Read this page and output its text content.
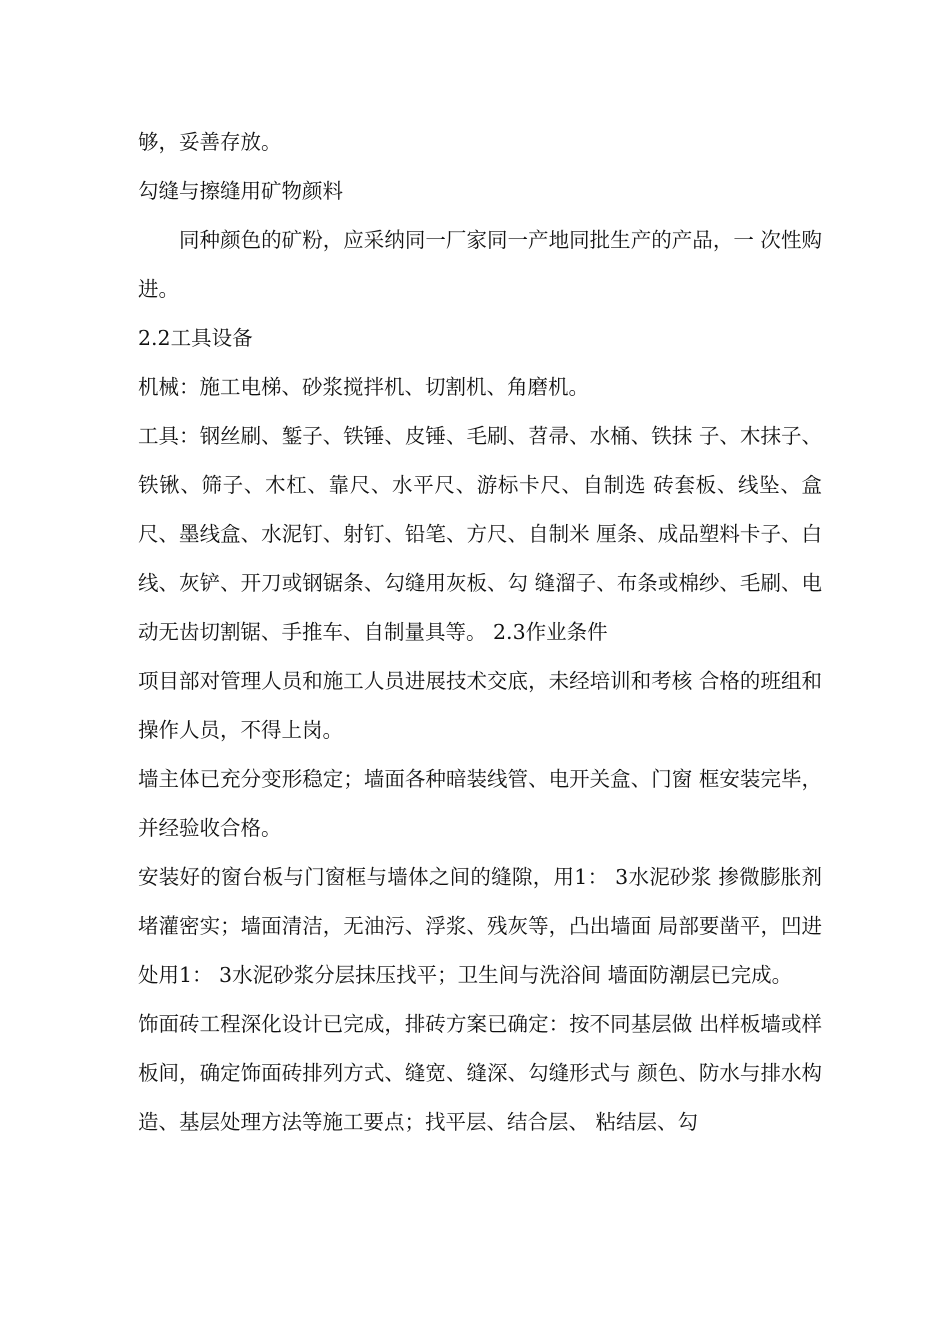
够，妥善存放。

勾缝与擦缝用矿物颜料

同种颜色的矿粉，应采纳同一厂家同一产地同批生产的产品，一 次性购进。

2.2工具设备

机械：施工电梯、砂浆搅拌机、切割机、角磨机。

工具：钢丝刷、錾子、铁锤、皮锤、毛刷、苕帚、水桶、铁抹 子、木抹子、铁锹、筛子、木杠、靠尺、水平尺、游标卡尺、自制选 砖套板、线坠、盒尺、墨线盒、水泥钉、射钉、铅笔、方尺、自制米 厘条、成品塑料卡子、白线、灰铲、开刀或钢锯条、勾缝用灰板、勾 缝溜子、布条或棉纱、毛刷、电动无齿切割锯、手推车、自制量具等。 2.3作业条件

项目部对管理人员和施工人员进展技术交底，未经培训和考核 合格的班组和操作人员，不得上岗。

墙主体已充分变形稳定；墙面各种暗装线管、电开关盒、门窗 框安装完毕，并经验收合格。

安装好的窗台板与门窗框与墙体之间的缝隙，用1： 3水泥砂浆 掺微膨胀剂堵灌密实；墙面清洁，无油污、浮浆、残灰等，凸出墙面 局部要凿平，凹进处用1： 3水泥砂浆分层抹压找平；卫生间与洗浴间 墙面防潮层已完成。

饰面砖工程深化设计已完成，排砖方案已确定：按不同基层做 出样板墙或样板间，确定饰面砖排列方式、缝宽、缝深、勾缝形式与 颜色、防水与排水构造、基层处理方法等施工要点；找平层、结合层、 粘结层、勾
